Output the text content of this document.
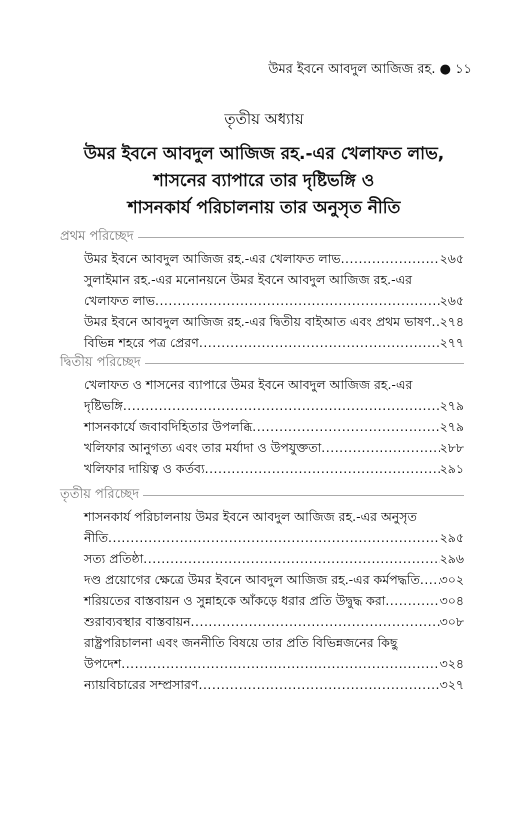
উমর ইবনে আবদুল আজিজ রহ. ● ১১
তৃতীয় অধ্যায়
উমর ইবনে আবদুল আজিজ রহ.-এর খেলাফত লাভ,
শাসনের ব্যাপারে তার দৃষ্টিভঙ্গি ও
শাসনকার্য পরিচালনায় তার অনুসৃত নীতি
প্রথম পরিচ্ছেদ
উমর ইবনে আবদুল আজিজ রহ.-এর খেলাফত লাভ .....	২৬৫
সুলাইমান রহ.-এর মনোনয়নে উমর ইবনে আবদুল আজিজ রহ.-এর
খেলাফত লাভ .....	২৬৫
উমর ইবনে আবদুল আজিজ রহ.-এর দ্বিতীয় বাইআত এবং প্রথম ভাষণ ..... ২৭৪
বিভিন্ন শহরে পত্র প্রেরণ .....	২৭৭
দ্বিতীয় পরিচ্ছেদ
খেলাফত ও শাসনের ব্যাপারে উমর ইবনে আবদুল আজিজ রহ.-এর
দৃষ্টিভঙ্গি .....	২৭৯
শাসনকার্যে জবাবদিহিতার উপলব্ধি .....	২৭৯
খলিফার আনুগত্য এবং তার মর্যাদা ও উপযুক্ততা .....	২৮৮
খলিফার দায়িত্ব ও কর্তব্য .....	২৯১
তৃতীয় পরিচ্ছেদ
শাসনকার্য পরিচালনায় উমর ইবনে আবদুল আজিজ রহ.-এর অনুসৃত
নীতি .....	২৯৫
সত্য প্রতিষ্ঠা .....	২৯৬
দণ্ড প্রয়োগের ক্ষেত্রে উমর ইবনে আবদুল আজিজ রহ.-এর কর্মপদ্ধতি ..... ৩০২
শরিয়তের বাস্তবায়ন ও সুন্নাহকে আঁকড়ে ধরার প্রতি উদ্বুদ্ধ করা .....	৩০৪
শুরাব্যবস্থার বাস্তবায়ন .....	৩০৮
রাষ্ট্রপরিচালনা এবং জননীতি বিষয়ে তার প্রতি বিভিন্নজনের কিছু
উপদেশ .....	৩২৪
ন্যায়বিচারের সম্প্রসারণ .....	৩২৭
